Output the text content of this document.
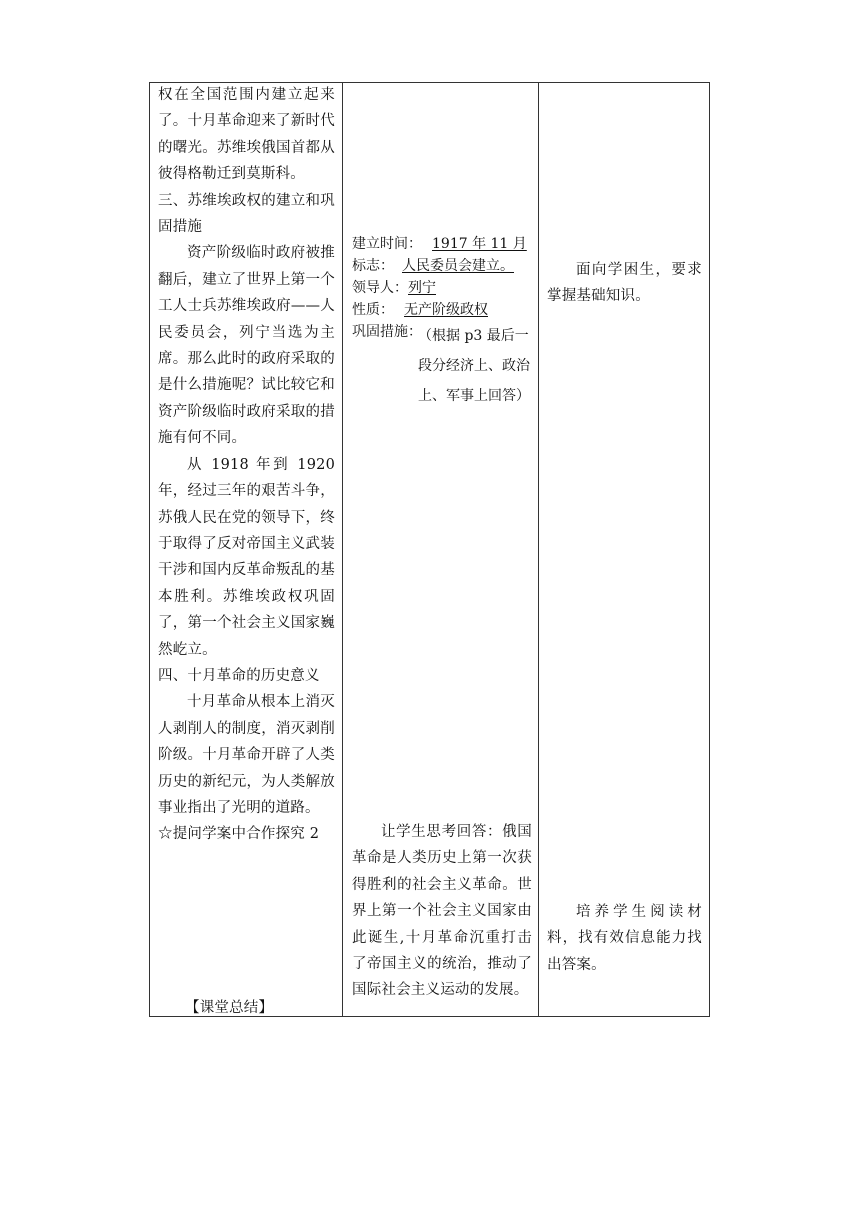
权在全国范围内建立起来了。十月革命迎来了新时代的曙光。苏维埃俄国首都从彼得格勒迁到莫斯科。

三、苏维埃政权的建立和巩固措施

资产阶级临时政府被推翻后，建立了世界上第一个工人士兵苏维埃政府——人民委员会，列宁当选为主席。那么此时的政府采取的是什么措施呢？试比较它和资产阶级临时政府采取的措施有何不同。

从 1918 年到 1920 年，经过三年的艰苦斗争，苏俄人民在党的领导下，终于取得了反对帝国主义武装干涉和国内反革命叛乱的基本胜利。苏维埃政权巩固了，第一个社会主义国家巍然屹立。

四、十月革命的历史意义

十月革命从根本上消灭人剥削人的制度，消灭剥削阶级。十月革命开辟了人类历史的新纪元，为人类解放事业指出了光明的道路。

☆提问学案中合作探究 2

【课堂总结】

建立时间： 1917 年 11 月
标志： 人民委员会建立。
领导人：列宁
性质： 无产阶级政权
巩固措施：
（根据 p3 最后一段分经济上、政治上、军事上回答）

让学生思考回答：俄国革命是人类历史上第一次获得胜利的社会主义革命。世界上第一个社会主义国家由此诞生,十月革命沉重打击了帝国主义的统治，推动了国际社会主义运动的发展。

面向学困生，要求掌握基础知识。

培养学生阅读材料，找有效信息能力找出答案。
